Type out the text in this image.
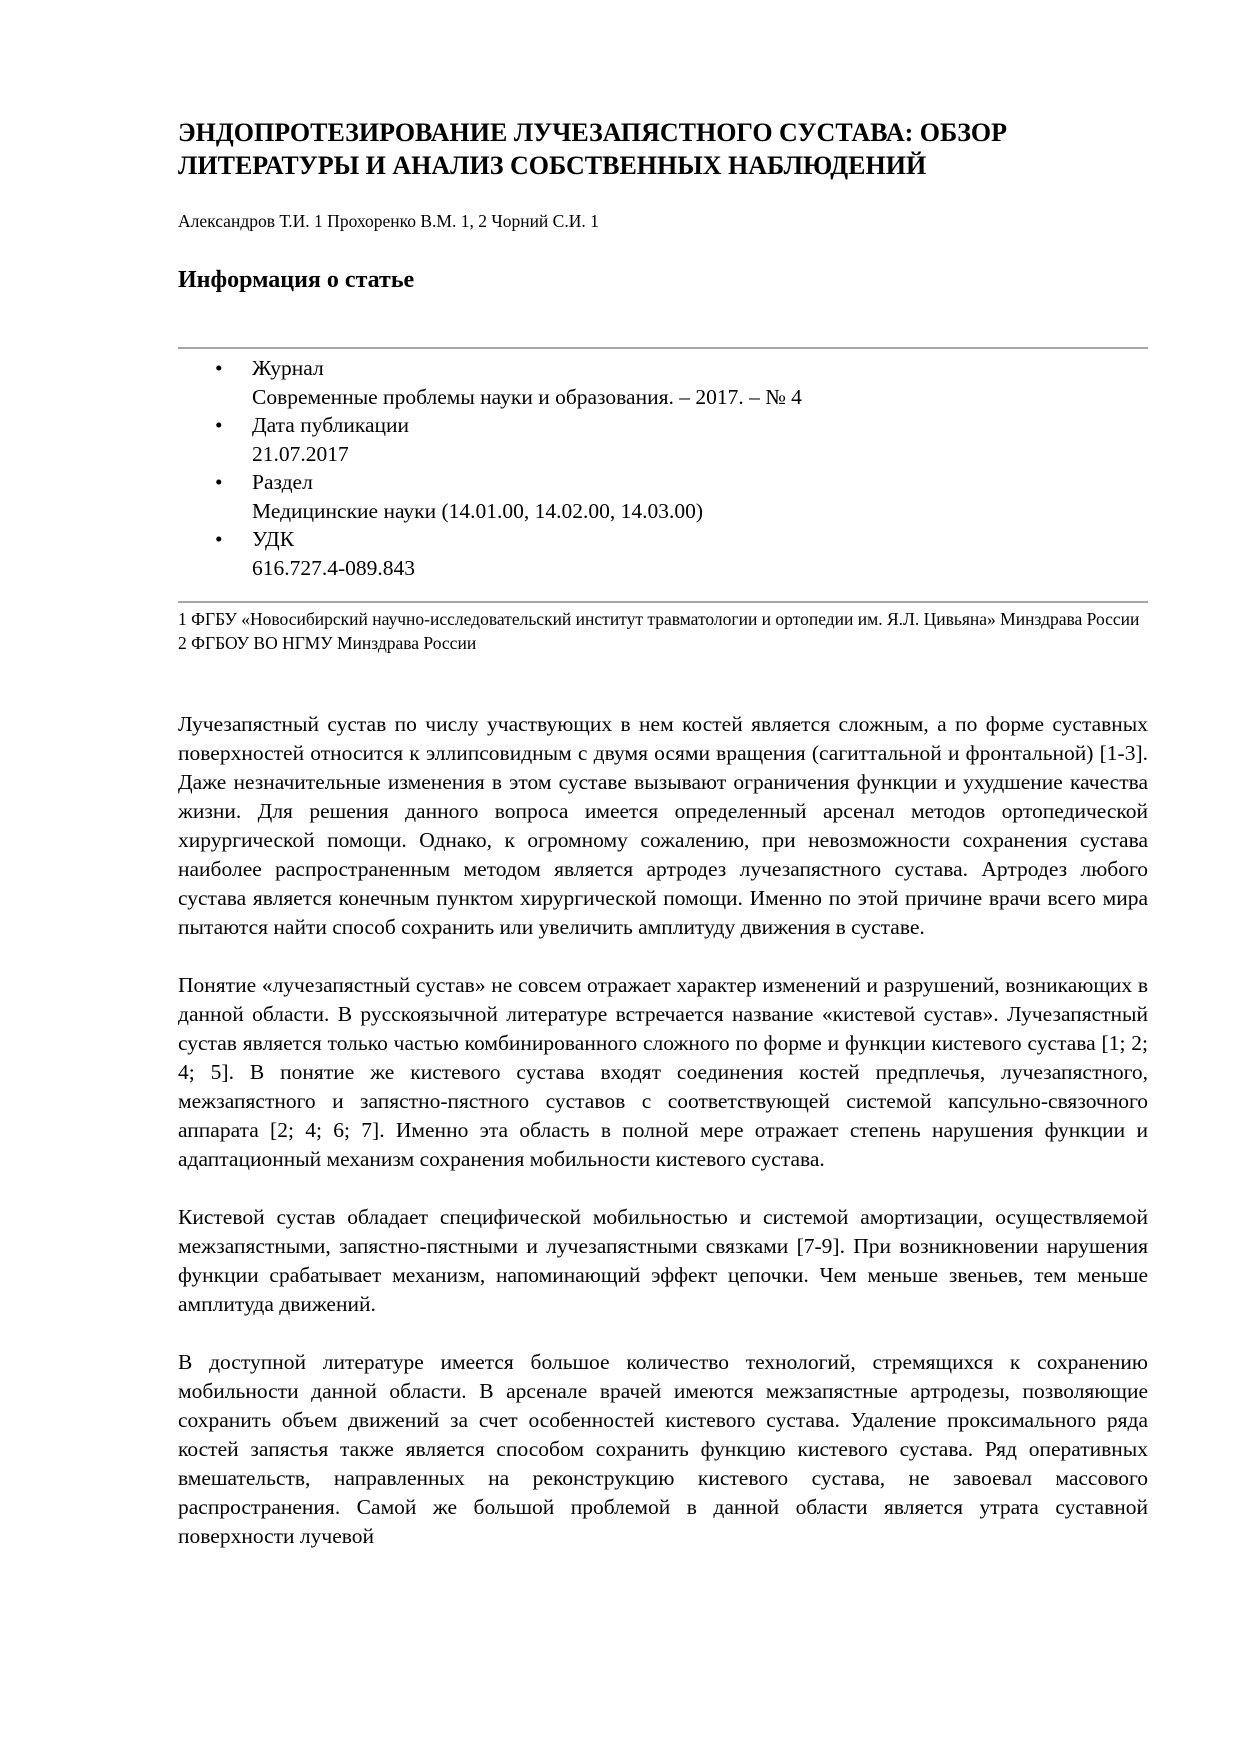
ЭНДОПРОТЕЗИРОВАНИЕ ЛУЧЕЗАПЯСТНОГО СУСТАВА: ОБЗОР ЛИТЕРАТУРЫ И АНАЛИЗ СОБСТВЕННЫХ НАБЛЮДЕНИЙ

Александров Т.И. 1 Прохоренко В.М. 1, 2 Чорний С.И. 1

Информация о статье
• Журнал
Современные проблемы науки и образования. – 2017. – № 4
• Дата публикации
21.07.2017
• Раздел
Медицинские науки (14.01.00, 14.02.00, 14.03.00)
• УДК
616.727.4-089.843
1 ФГБУ «Новосибирский научно-исследовательский институт травматологии и ортопедии им. Я.Л. Цивьяна» Минздрава России
2 ФГБОУ ВО НГМУ Минздрава России

Лучезапястный сустав по числу участвующих в нем костей является сложным, а по форме суставных поверхностей относится к эллипсовидным с двумя осями вращения (сагиттальной и фронтальной) [1-3]. Даже незначительные изменения в этом суставе вызывают ограничения функции и ухудшение качества жизни. Для решения данного вопроса имеется определенный арсенал методов ортопедической хирургической помощи. Однако, к огромному сожалению, при невозможности сохранения сустава наиболее распространенным методом является артродез лучезапястного сустава. Артродез любого сустава является конечным пунктом хирургической помощи. Именно по этой причине врачи всего мира пытаются найти способ сохранить или увеличить амплитуду движения в суставе.

Понятие «лучезапястный сустав» не совсем отражает характер изменений и разрушений, возникающих в данной области. В русскоязычной литературе встречается название «кистевой сустав». Лучезапястный сустав является только частью комбинированного сложного по форме и функции кистевого сустава [1; 2; 4; 5]. В понятие же кистевого сустава входят соединения костей предплечья, лучезапястного, межзапястного и запястно-пястного суставов с соответствующей системой капсульно-связочного аппарата [2; 4; 6; 7]. Именно эта область в полной мере отражает степень нарушения функции и адаптационный механизм сохранения мобильности кистевого сустава.

Кистевой сустав обладает специфической мобильностью и системой амортизации, осуществляемой межзапястными, запястно-пястными и лучезапястными связками [7-9]. При возникновении нарушения функции срабатывает механизм, напоминающий эффект цепочки. Чем меньше звеньев, тем меньше амплитуда движений.

В доступной литературе имеется большое количество технологий, стремящихся к сохранению мобильности данной области. В арсенале врачей имеются межзапястные артродезы, позволяющие сохранить объем движений за счет особенностей кистевого сустава. Удаление проксимального ряда костей запястья также является способом сохранить функцию кистевого сустава. Ряд оперативных вмешательств, направленных на реконструкцию кистевого сустава, не завоевал массового распространения. Самой же большой проблемой в данной области является утрата суставной поверхности лучевой
